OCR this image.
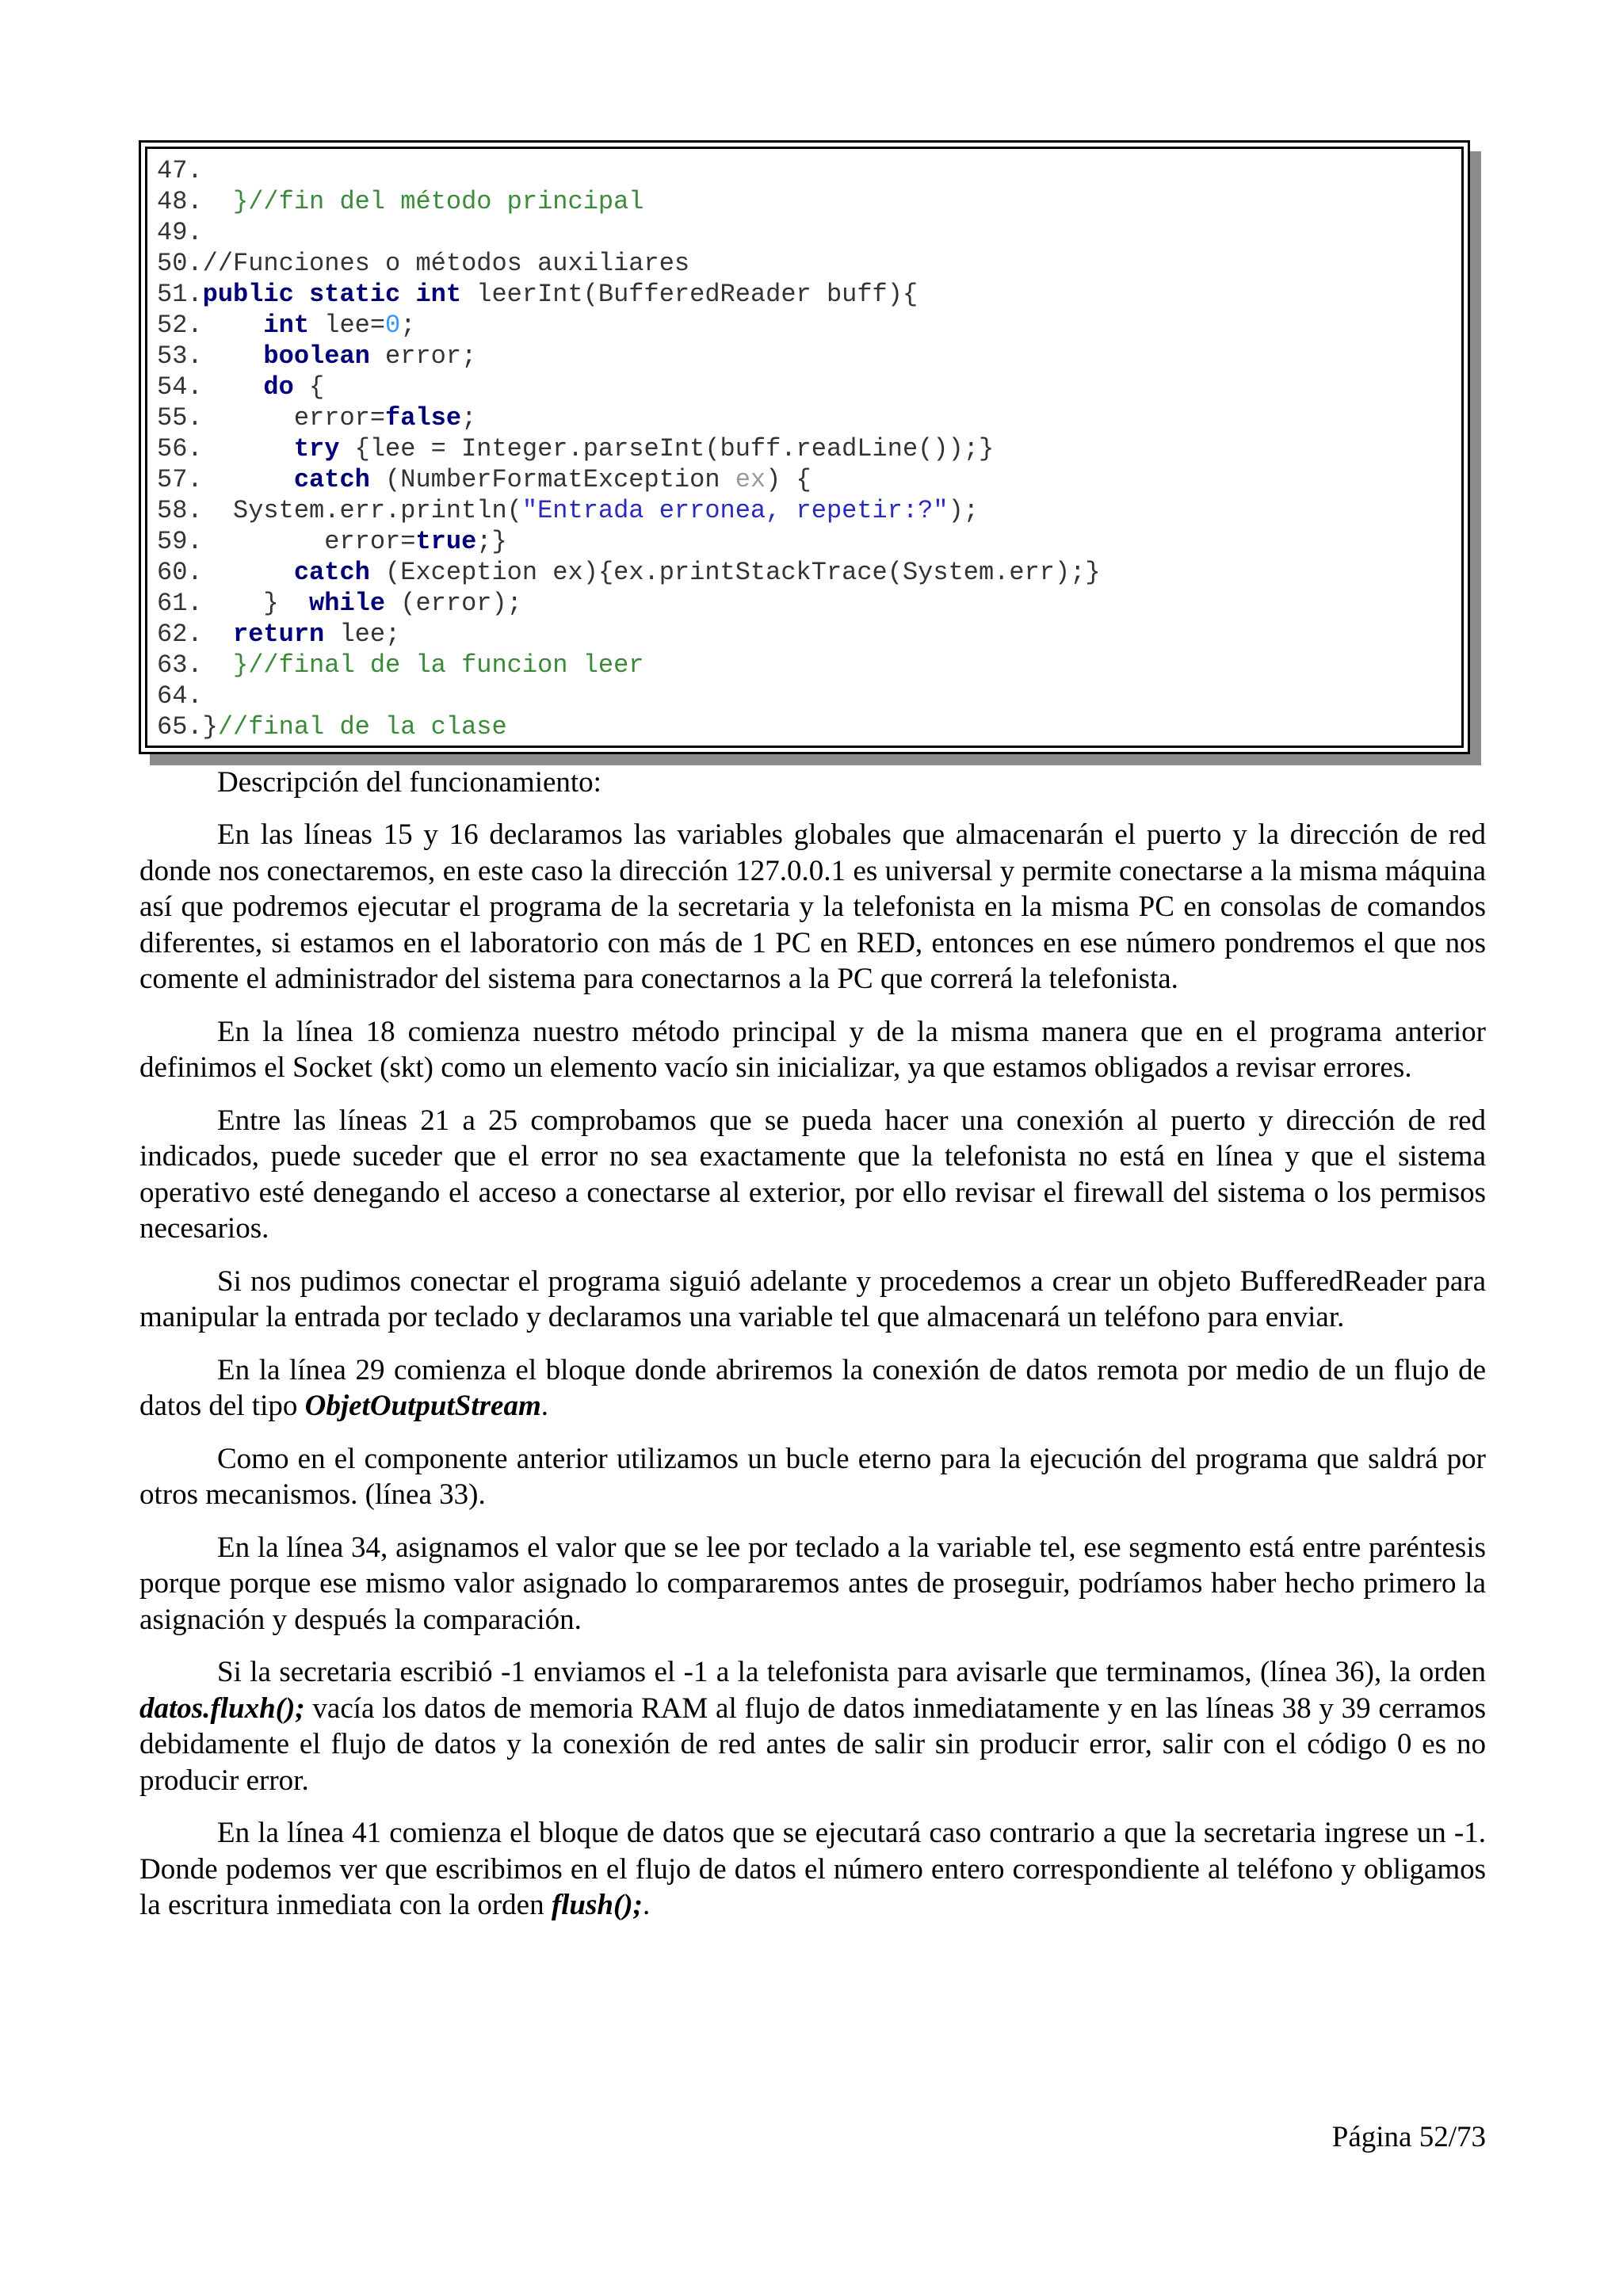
47.
48.  }//fin del método principal
49.
50.//Funciones o métodos auxiliares
51.public static int leerInt(BufferedReader buff){
52.    int lee=0;
53.    boolean error;
54.    do {
55.      error=false;
56.      try {lee = Integer.parseInt(buff.readLine());}
57.      catch (NumberFormatException ex) {
58.  System.err.println("Entrada erronea, repetir:?");
59.        error=true;}
60.      catch (Exception ex){ex.printStackTrace(System.err);}
61.    }  while (error);
62.  return lee;
63.  }//final de la funcion leer
64.
65.}//final de la clase

Descripción del funcionamiento:

En las líneas 15 y 16 declaramos las variables globales que almacenarán el puerto y la dirección de red donde nos conectaremos, en este caso la dirección 127.0.0.1 es universal y permite conectarse a la misma máquina así que podremos ejecutar el programa de la secretaria y la telefonista en la misma PC en consolas de comandos diferentes, si estamos en el laboratorio con más de 1 PC en RED, entonces en ese número pondremos el que nos comente el administrador del sistema para conectarnos a la PC que correrá la telefonista.

En la línea 18 comienza nuestro método principal y de la misma manera que en el programa anterior definimos el Socket (skt) como un elemento vacío sin inicializar, ya que estamos obligados a revisar errores.

Entre las líneas 21 a 25 comprobamos que se pueda hacer una conexión al puerto y dirección de red indicados, puede suceder que el error no sea exactamente que la telefonista no está en línea y que el sistema operativo esté denegando el acceso a conectarse al exterior, por ello revisar el firewall del sistema o los permisos necesarios.

Si nos pudimos conectar el programa siguió adelante y procedemos a crear un objeto BufferedReader para manipular la entrada por teclado y declaramos una variable tel que almacenará un teléfono para enviar.

En la línea 29 comienza el bloque donde abriremos la conexión de datos remota por medio de un flujo de datos del tipo ObjetOutputStream.

Como en el componente anterior utilizamos un bucle eterno para la ejecución del programa que saldrá por otros mecanismos. (línea 33).

En la línea 34, asignamos el valor que se lee por teclado a la variable tel, ese segmento está entre paréntesis porque porque ese mismo valor asignado lo compararemos antes de proseguir, podríamos haber hecho primero la asignación y después la comparación.

Si la secretaria escribió -1 enviamos el -1 a la telefonista para avisarle que terminamos, (línea 36), la orden datos.fluxh(); vacía los datos de memoria RAM al flujo de datos inmediatamente y en las líneas 38 y 39 cerramos debidamente el flujo de datos y la conexión de red antes de salir sin producir error, salir con el código 0 es no producir error.

En la línea 41 comienza el bloque de datos que se ejecutará caso contrario a que la secretaria ingrese un -1. Donde podemos ver que escribimos en el flujo de datos el número entero correspondiente al teléfono y obligamos la escritura inmediata con la orden flush();.

Página 52/73
